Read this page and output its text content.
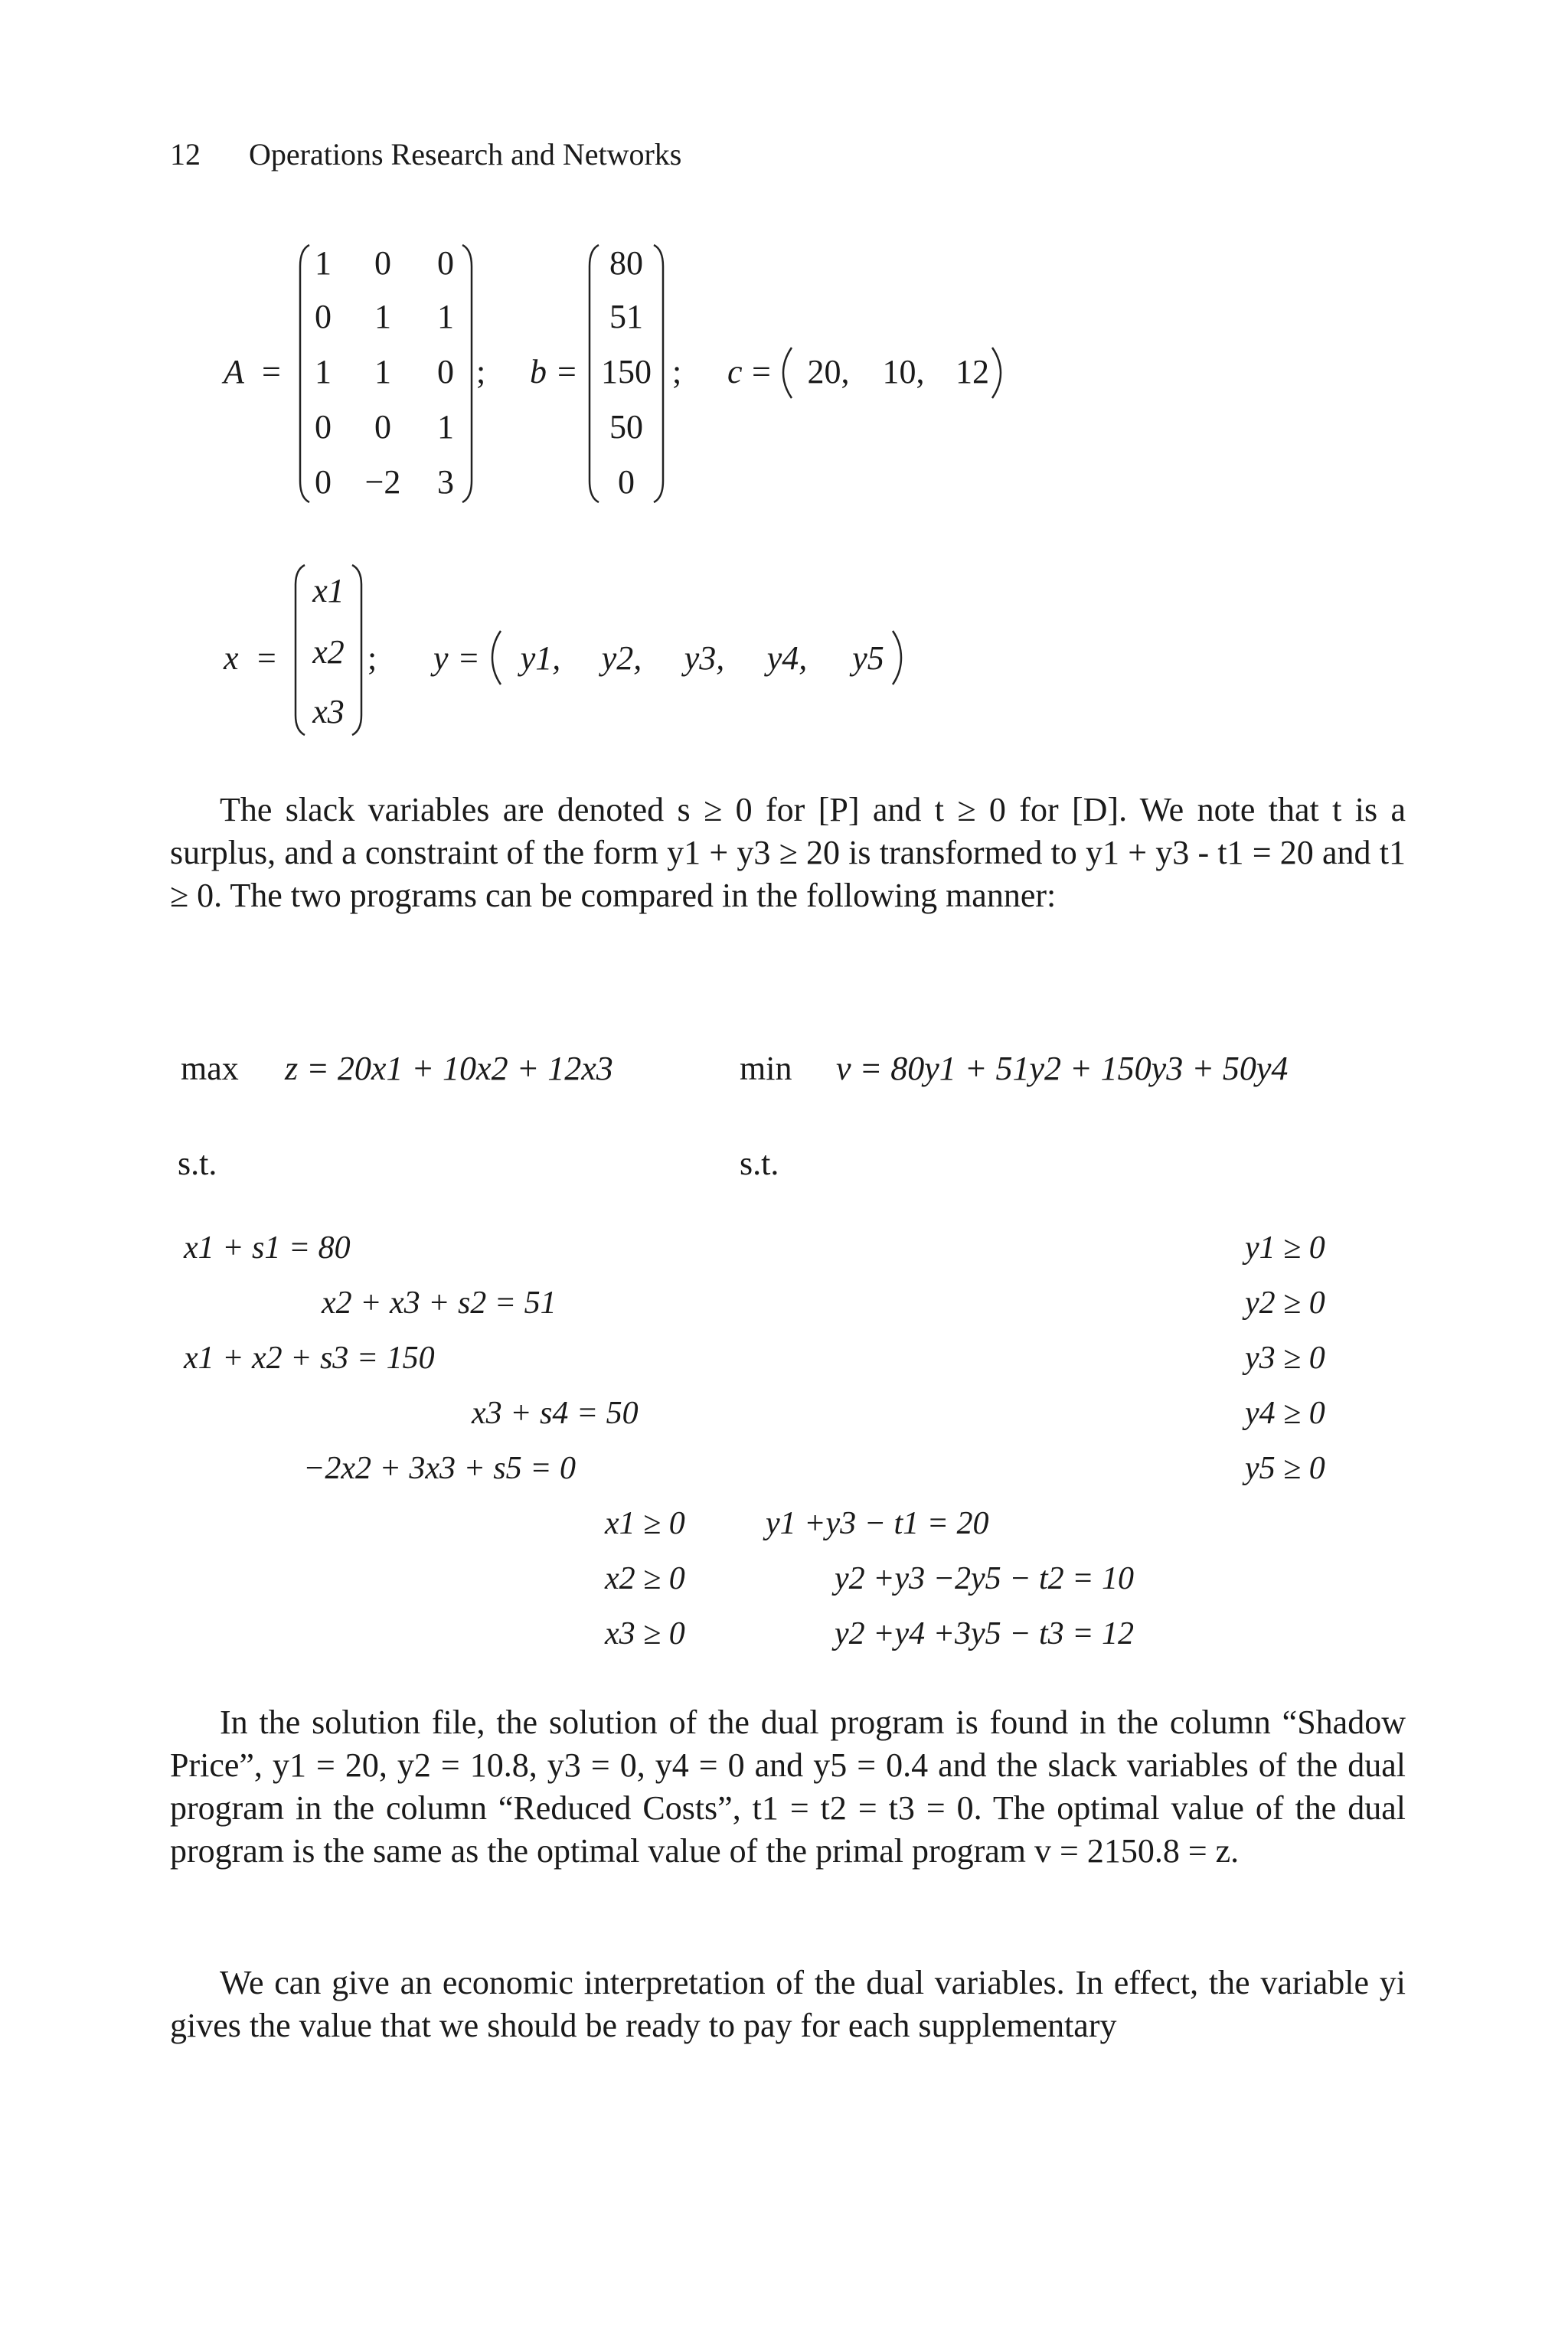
12 Operations Research and Networks
A =
1	0	0
0	1	1
1	1	0
0	0	1
0 −2	3
; b =
80
51
150
50
0
; c = 20, 10, 12
x =
x1
x2
x3
; y =	y1,	y2,	y3,	y4,	y5

The slack variables are denoted s ≥ 0 for [P] and t ≥ 0 for [D]. We note that t is a surplus, and a constraint of the form y1 + y3 ≥ 20 is transformed to y1 + y3 - t1 = 20 and t1 ≥ 0. The two programs can be compared in the following manner:

max z = 20x1 + 10x2 + 12x3	min v = 80y1 + 51y2 + 150y3 + 50y4
s.t.	s.t.
x1 + s1 = 80
x2 + x3 + s2 = 51
x1 + x2 + s3 = 150
x3 + s4 = 50
−2x2 + 3x3 + s5 = 0
x1 ≥ 0
x2 ≥ 0
x3 ≥ 0
y1 ≥ 0
y2 ≥ 0
y3 ≥ 0
y4 ≥ 0
y5 ≥ 0
y1 +y3 − t1 = 20
y2 +y3 −2y5 − t2 = 10
y2 +y4 +3y5 − t3 = 12

In the solution file, the solution of the dual program is found in the column “Shadow Price”, y1 = 20, y2 = 10.8, y3 = 0, y4 = 0 and y5 = 0.4 and the slack variables of the dual program in the column “Reduced Costs”, t1 = t2 = t3 = 0. The optimal value of the dual program is the same as the optimal value of the primal program v = 2150.8 = z.

We can give an economic interpretation of the dual variables. In effect, the variable yi gives the value that we should be ready to pay for each supplementary
